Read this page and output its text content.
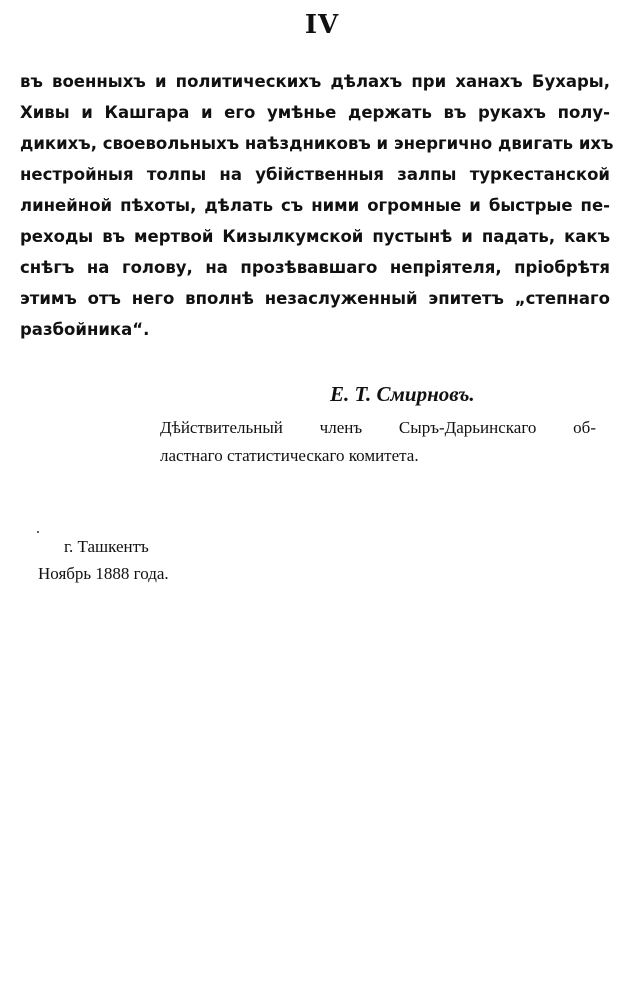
IV
въ военныхъ и политическихъ дѣлахъ при ханахъ Бухары,
Хивы и Кашгара и его умѣнье держать въ рукахъ полу-
дикихъ, своевольныхъ наѣздниковъ и энергично двигать ихъ
нестройныя толпы на убійственныя залпы туркестанской
линейной пѣхоты, дѣлать съ ними огромные и быстрые пе-
реходы въ мертвой Кизылкумской пустынѣ и падать, какъ
снѣгъ на голову, на прозѣвавшаго непріятеля, пріобрѣтя
этимъ отъ него вполнѣ незаслуженный эпитетъ „степнаго
разбойника“.
Е. Т. Смирновъ.
Дѣйствительный членъ Сыръ-Дарьинскаго об-
ластнаго статистическаго комитета.
г. Ташкентъ
Ноябрь 1888 года.
